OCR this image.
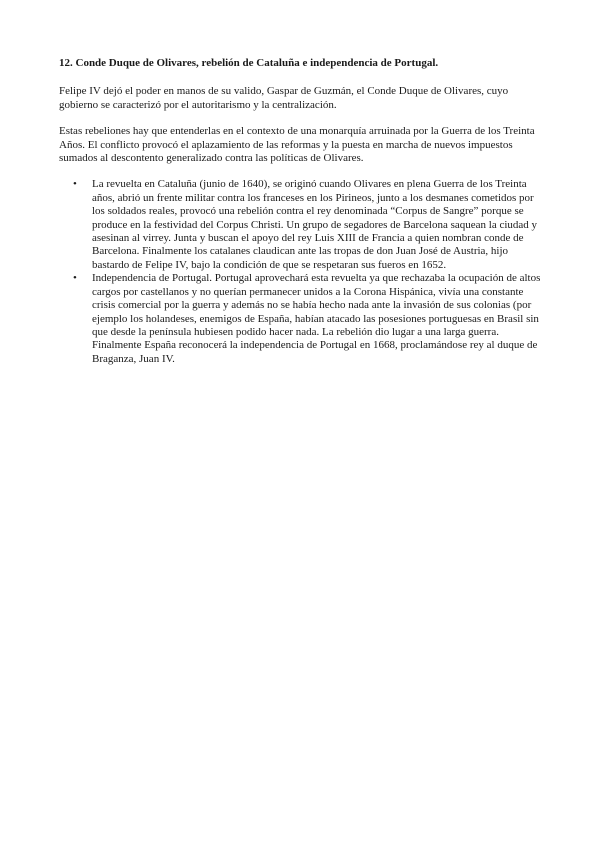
12. Conde Duque de Olivares, rebelión de Cataluña e independencia de Portugal.

Felipe IV dejó el poder en manos de su valido, Gaspar de Guzmán, el Conde Duque de Olivares, cuyo gobierno se caracterizó por el autoritarismo y la centralización.

Estas rebeliones hay que entenderlas en el contexto de una monarquía arruinada por la Guerra de los Treinta Años. El conflicto provocó el aplazamiento de las reformas y la puesta en marcha de nuevos impuestos sumados al descontento generalizado contra las políticas de Olivares.

• La revuelta en Cataluña (junio de 1640), se originó cuando Olivares en plena Guerra de los Treinta años, abrió un frente militar contra los franceses en los Pirineos, junto a los desmanes cometidos por los soldados reales, provocó una rebelión contra el rey denominada “Corpus de Sangre” porque se produce en la festividad del Corpus Christi. Un grupo de segadores de Barcelona saquean la ciudad y asesinan al virrey. Junta y buscan el apoyo del rey Luis XIII de Francia a quien nombran conde de Barcelona. Finalmente los catalanes claudican ante las tropas de don Juan José de Austria, hijo bastardo de Felipe IV, bajo la condición de que se respetaran sus fueros en 1652.
• Independencia de Portugal. Portugal aprovechará esta revuelta ya que rechazaba la ocupación de altos cargos por castellanos y no querían permanecer unidos a la Corona Hispánica, vivía una constante crisis comercial por la guerra y además no se había hecho nada ante la invasión de sus colonias (por ejemplo los holandeses, enemigos de España, habían atacado las posesiones portuguesas en Brasil sin que desde la península hubiesen podido hacer nada. La rebelión dio lugar a una larga guerra. Finalmente España reconocerá la independencia de Portugal en 1668, proclamándose rey al duque de Braganza, Juan IV.
